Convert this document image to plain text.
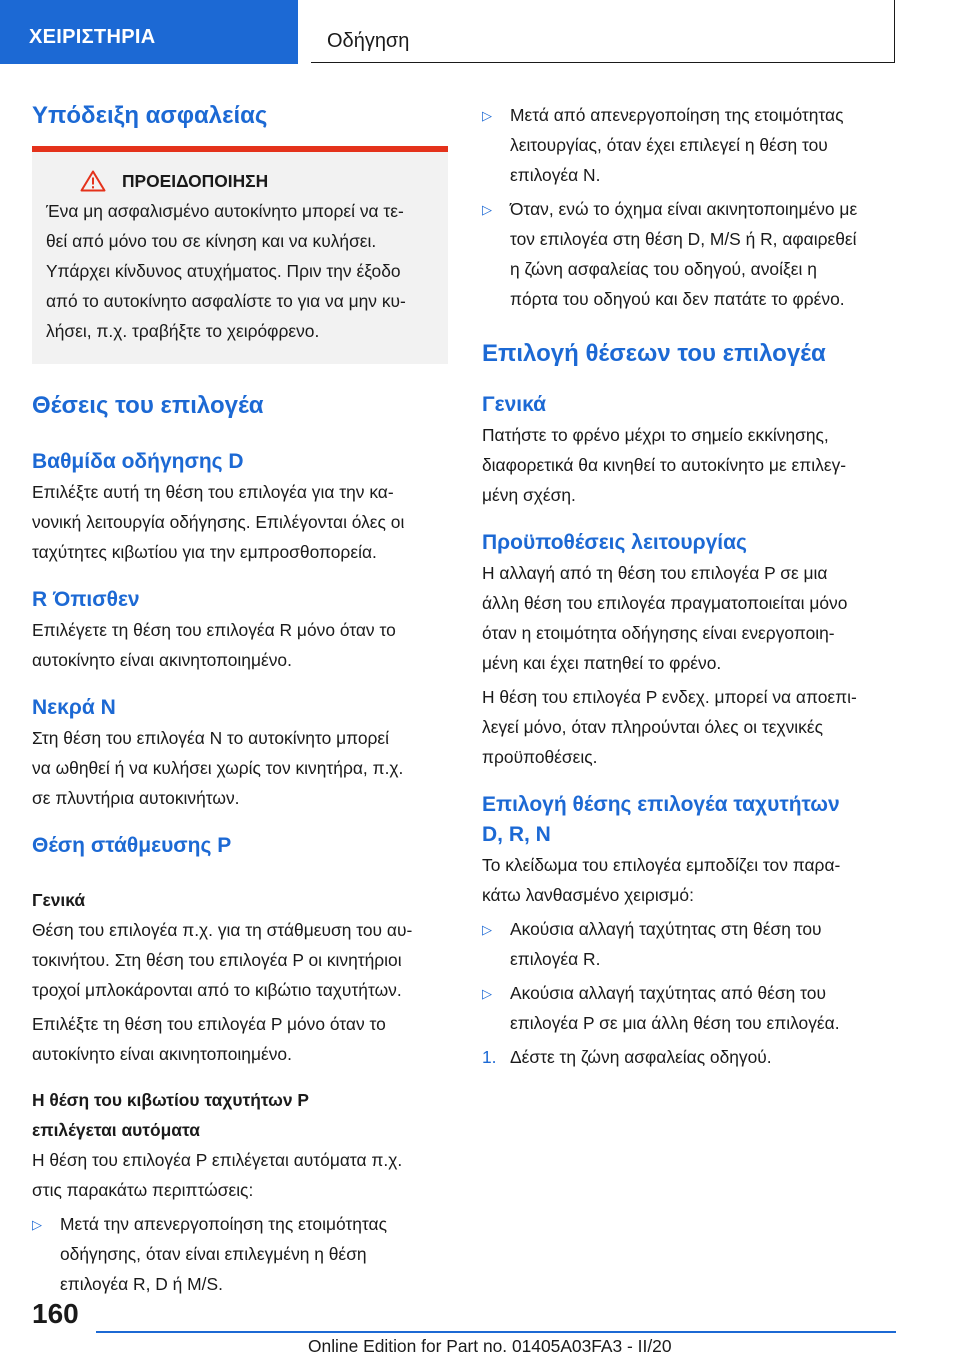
ΧΕΙΡΙΣΤΗΡΙΑ	Οδήγηση
Υπόδειξη ασφαλείας
ΠΡΟΕΙΔΟΠΟΙΗΣΗ

Ένα μη ασφαλισμένο αυτοκίνητο μπορεί να τε-
θεί από μόνο του σε κίνηση και να κυλήσει.
Υπάρχει κίνδυνος ατυχήματος. Πριν την έξοδο
από το αυτοκίνητο ασφαλίστε το για να μην κυ-
λήσει, π.χ. τραβήξτε το χειρόφρενο.

Θέσεις του επιλογέα
Βαθμίδα οδήγησης D

Επιλέξτε αυτή τη θέση του επιλογέα για την κα-
νονική λειτουργία οδήγησης. Επιλέγονται όλες οι
ταχύτητες κιβωτίου για την εμπροσθοπορεία.

R Όπισθεν

Επιλέγετε τη θέση του επιλογέα R μόνο όταν το
αυτοκίνητο είναι ακινητοποιημένο.

Νεκρά N

Στη θέση του επιλογέα N το αυτοκίνητο μπορεί
να ωθηθεί ή να κυλήσει χωρίς τον κινητήρα, π.χ.
σε πλυντήρια αυτοκινήτων.

Θέση στάθμευσης P
Γενικά

Θέση του επιλογέα π.χ. για τη στάθμευση του αυ-
τοκινήτου. Στη θέση του επιλογέα P οι κινητήριοι
τροχοί μπλοκάρονται από το κιβώτιο ταχυτήτων.

Επιλέξτε τη θέση του επιλογέα P μόνο όταν το
αυτοκίνητο είναι ακινητοποιημένο.

Η θέση του κιβωτίου ταχυτήτων P
επιλέγεται αυτόματα

Η θέση του επιλογέα P επιλέγεται αυτόματα π.χ.
στις παρακάτω περιπτώσεις:

▷	Μετά την απενεργοποίηση της ετοιμότητας
οδήγησης, όταν είναι επιλεγμένη η θέση
επιλογέα R, D ή M/S.
▷	Μετά από απενεργοποίηση της ετοιμότητας
λειτουργίας, όταν έχει επιλεγεί η θέση του
επιλογέα N.
▷	Όταν, ενώ το όχημα είναι ακινητοποιημένο με
τον επιλογέα στη θέση D, M/S ή R, αφαιρεθεί
η ζώνη ασφαλείας του οδηγού, ανοίξει η
πόρτα του οδηγού και δεν πατάτε το φρένο.
Επιλογή θέσεων του επιλογέα
Γενικά

Πατήστε το φρένο μέχρι το σημείο εκκίνησης,
διαφορετικά θα κινηθεί το αυτοκίνητο με επιλεγ-
μένη σχέση.

Προϋποθέσεις λειτουργίας

Η αλλαγή από τη θέση του επιλογέα P σε μια
άλλη θέση του επιλογέα πραγματοποιείται μόνο
όταν η ετοιμότητα οδήγησης είναι ενεργοποιη-
μένη και έχει πατηθεί το φρένο.

Η θέση του επιλογέα P ενδεχ. μπορεί να αποεπι-
λεγεί μόνο, όταν πληρούνται όλες οι τεχνικές
προϋποθέσεις.

Επιλογή θέσης επιλογέα ταχυτήτων
D, R, N

Το κλείδωμα του επιλογέα εμποδίζει τον παρα-
κάτω λανθασμένο χειρισμό:

▷	Ακούσια αλλαγή ταχύτητας στη θέση του
επιλογέα R.
▷	Ακούσια αλλαγή ταχύτητας από θέση του
επιλογέα P σε μια άλλη θέση του επιλογέα.
1. Δέστε τη ζώνη ασφαλείας οδηγού.
160
Online Edition for Part no. 01405A03FA3 - II/20
